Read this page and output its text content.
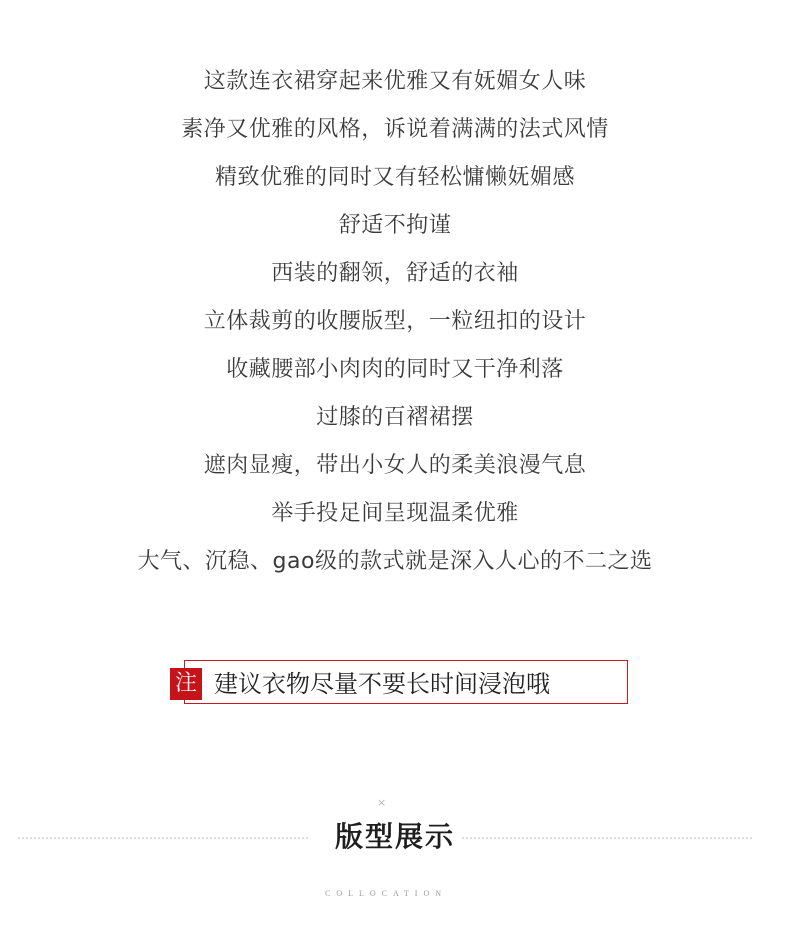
这款连衣裙穿起来优雅又有妩媚女人味
素净又优雅的风格，诉说着满满的法式风情
精致优雅的同时又有轻松慵懒妩媚感
舒适不拘谨
西装的翻领，舒适的衣袖
立体裁剪的收腰版型，一粒纽扣的设计
收藏腰部小肉肉的同时又干净利落
过膝的百褶裙摆
遮肉显瘦，带出小女人的柔美浪漫气息
举手投足间呈现温柔优雅
大气、沉稳、gao级的款式就是深入人心的不二之选
注 建议衣物尽量不要长时间浸泡哦
×
版型展示
COLLOCATION
